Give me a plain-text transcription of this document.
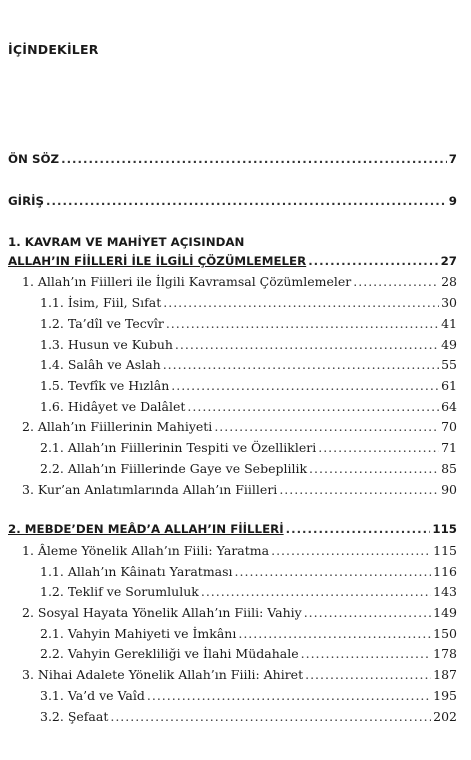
İÇİNDEKİLER
ÖN SÖZ .....	7
GİRİŞ .....	9
1. KAVRAM VE MAHİYET AÇISINDAN
ALLAH’IN FİİLLERİ İLE İLGİLİ ÇÖZÜMLEMELER .....	27
1. Allah’ın Fiilleri ile İlgili Kavramsal Çözümlemeler .....	28
1.1. İsim, Fiil, Sıfat .....	30
1.2. Ta’dîl ve Tecvîr .....	41
1.3. Husun ve Kubuh .....	49
1.4. Salâh ve Aslah .....	55
1.5. Tevfîk ve Hızlân .....	61
1.6. Hidâyet ve Dalâlet .....	64
2. Allah’ın Fiillerinin Mahiyeti .....	70
2.1. Allah’ın Fiillerinin Tespiti ve Özellikleri .....	71
2.2. Allah’ın Fiillerinde Gaye ve Sebeplilik .....	85
3. Kur’an Anlatımlarında Allah’ın Fiilleri .....	90
2. MEBDE’DEN MEÂD’A ALLAH’IN FİİLLERİ .....	115
1. Âleme Yönelik Allah’ın Fiili: Yaratma .....	115
1.1. Allah’ın Kâinatı Yaratması .....	116
1.2. Teklif ve Sorumluluk .....	143
2. Sosyal Hayata Yönelik Allah’ın Fiili: Vahiy .....	149
2.1. Vahyin Mahiyeti ve İmkânı .....	150
2.2. Vahyin Gerekliliği ve İlahi Müdahale .....	178
3. Nihai Adalete Yönelik Allah’ın Fiili: Ahiret .....	187
3.1. Va’d ve Vaîd .....	195
3.2. Şefaat .....	202
